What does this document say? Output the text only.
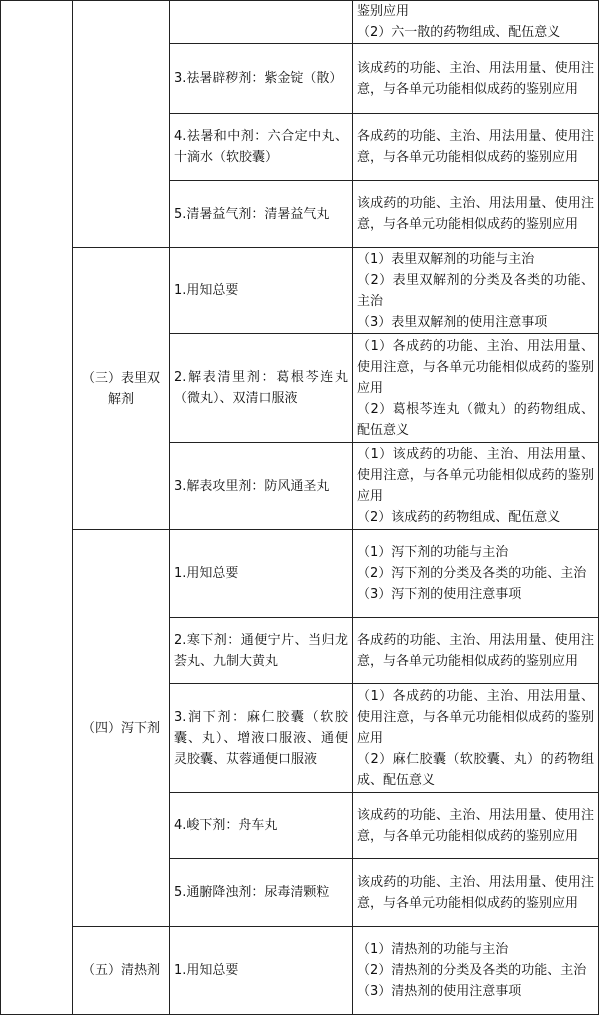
			鉴别应用
（2）六一散的药物组成、配伍意义

		3.祛暑辟秽剂：紫金锭（散）	该成药的功能、主治、用法用量、使用注意，与各单元功能相似成药的鉴别应用

		4.祛暑和中剂：六合定中丸、十滴水（软胶囊）	各成药的功能、主治、用法用量、使用注意，与各单元功能相似成药的鉴别应用

		5.清暑益气剂：清暑益气丸	该成药的功能、主治、用法用量、使用注意，与各单元功能相似成药的鉴别应用

	（三）表里双解剂	1.用知总要	（1）表里双解剂的功能与主治
（2）表里双解剂的分类及各类的功能、主治
（3）表里双解剂的使用注意事项

		2.解表清里剂：葛根芩连丸（微丸）、双清口服液	（1）各成药的功能、主治、用法用量、使用注意，与各单元功能相似成药的鉴别应用
（2）葛根芩连丸（微丸）的药物组成、配伍意义

		3.解表攻里剂：防风通圣丸	（1）该成药的功能、主治、用法用量、使用注意，与各单元功能相似成药的鉴别应用
（2）该成药的药物组成、配伍意义

	（四）泻下剂	1.用知总要	（1）泻下剂的功能与主治
（2）泻下剂的分类及各类的功能、主治
（3）泻下剂的使用注意事项

		2.寒下剂：通便宁片、当归龙荟丸、九制大黄丸	各成药的功能、主治、用法用量、使用注意，与各单元功能相似成药的鉴别应用

		3.润下剂：麻仁胶囊（软胶囊、丸）、增液口服液、通便灵胶囊、苁蓉通便口服液	（1）各成药的功能、主治、用法用量、使用注意，与各单元功能相似成药的鉴别应用
（2）麻仁胶囊（软胶囊、丸）的药物组成、配伍意义

		4.峻下剂：舟车丸	该成药的功能、主治、用法用量、使用注意，与各单元功能相似成药的鉴别应用

		5.通腑降浊剂：尿毒清颗粒	该成药的功能、主治、用法用量、使用注意，与各单元功能相似成药的鉴别应用

	（五）清热剂	1.用知总要	（1）清热剂的功能与主治
（2）清热剂的分类及各类的功能、主治
（3）清热剂的使用注意事项
